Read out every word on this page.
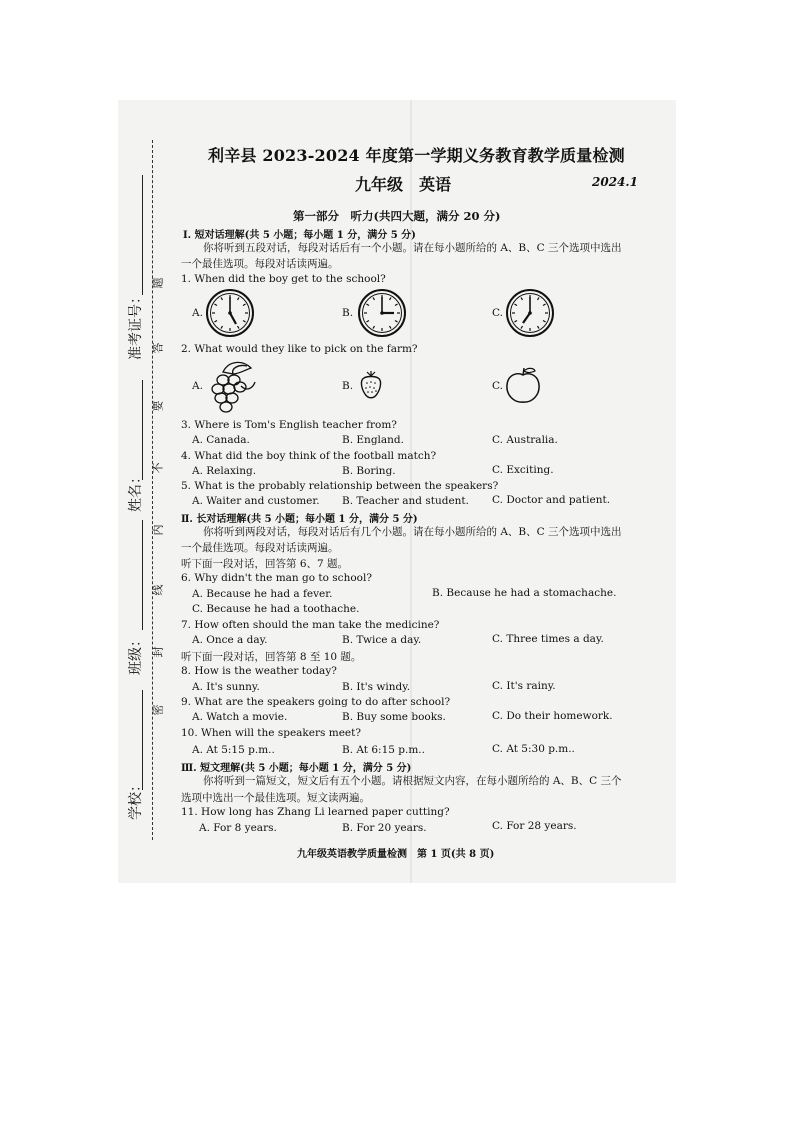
准考证号：
姓名：
班级：
学校：
题
答
要
不
内
线
封
密
利辛县 2023-2024 年度第一学期义务教育教学质量检测
九年级 英语	2024.1
第一部分　听力(共四大题，满分 20 分)
Ⅰ. 短对话理解(共 5 小题；每小题 1 分，满分 5 分)
你将听到五段对话，每段对话后有一个小题。请在每小题所给的 A、B、C 三个选项中选出
一个最佳选项。每段对话读两遍。
1. When did the boy get to the school?
A.	B.	C.
2. What would they like to pick on the farm?
A.	B.	C.
3. Where is Tom's English teacher from?
A. Canada.	B. England.	C. Australia.
4. What did the boy think of the football match?
A. Relaxing.	B. Boring.	C. Exciting.
5. What is the probably relationship between the speakers?
A. Waiter and customer. B. Teacher and student. C. Doctor and patient.
Ⅱ. 长对话理解(共 5 小题；每小题 1 分，满分 5 分)
你将听到两段对话，每段对话后有几个小题。请在每小题所给的 A、B、C 三个选项中选出
一个最佳选项。每段对话读两遍。
听下面一段对话，回答第 6、7 题。
6. Why didn't the man go to school?
A. Because he had a fever.	B. Because he had a stomachache.
C. Because he had a toothache.
7. How often should the man take the medicine?
A. Once a day.	B. Twice a day.	C. Three times a day.
听下面一段对话，回答第 8 至 10 题。
8. How is the weather today?
A. It's sunny.	B. It's windy.	C. It's rainy.
9. What are the speakers going to do after school?
A. Watch a movie.	B. Buy some books.	C. Do their homework.
10. When will the speakers meet?
A. At 5:15 p.m..	B. At 6:15 p.m..	C. At 5:30 p.m..
Ⅲ. 短文理解(共 5 小题；每小题 1 分，满分 5 分)
你将听到一篇短文，短文后有五个小题。请根据短文内容，在每小题所给的 A、B、C 三个
选项中选出一个最佳选项。短文读两遍。
11. How long has Zhang Li learned paper cutting?
A. For 8 years.	B. For 20 years.	C. For 28 years.
九年级英语教学质量检测　第 1 页(共 8 页)
